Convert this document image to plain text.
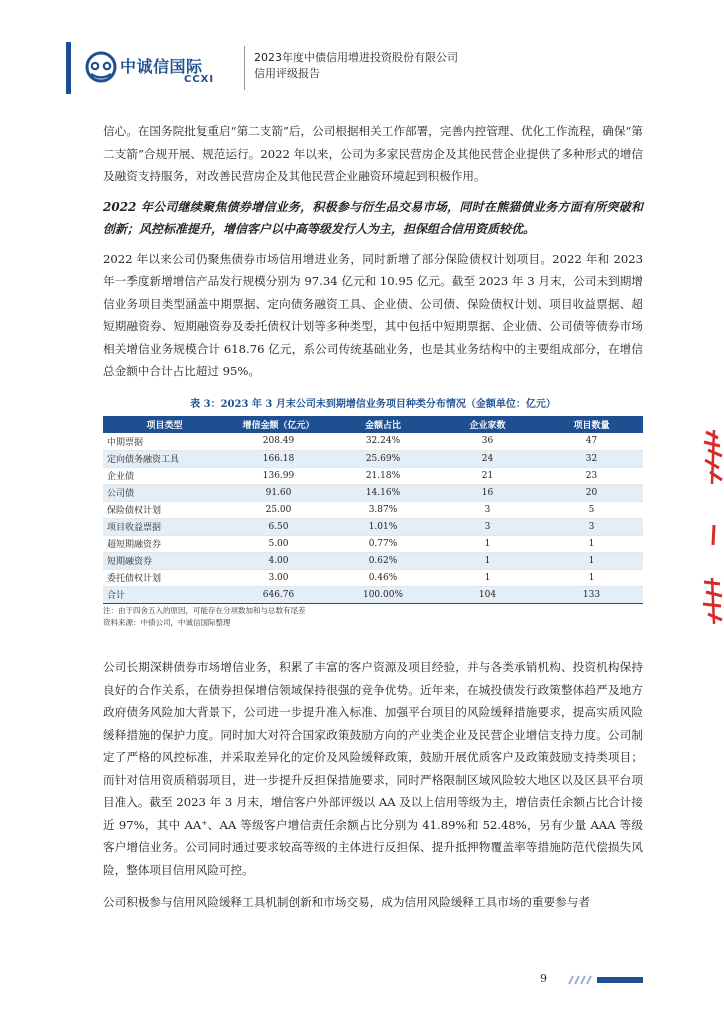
中诚信国际
CCXI
2023年度中债信用增进投资股份有限公司
信用评级报告

信心。在国务院批复重启“第二支箭”后，公司根据相关工作部署，完善内控管理、优化工作流程，确保“第二支箭”合规开展、规范运行。2022 年以来，公司为多家民营房企及其他民营企业提供了多种形式的增信及融资支持服务，对改善民营房企及其他民营企业融资环境起到积极作用。

2022 年公司继续聚焦债券增信业务，积极参与衍生品交易市场，同时在熊猫债业务方面有所突破和创新；风控标准提升，增信客户以中高等级发行人为主，担保组合信用资质较优。

2022 年以来公司仍聚焦债券市场信用增进业务，同时新增了部分保险债权计划项目。2022 年和 2023 年一季度新增增信产品发行规模分别为 97.34 亿元和 10.95 亿元。截至 2023 年 3 月末，公司未到期增信业务项目类型涵盖中期票据、定向债务融资工具、企业债、公司债、保险债权计划、项目收益票据、超短期融资券、短期融资券及委托债权计划等多种类型，其中包括中短期票据、企业债、公司债等债券市场相关增信业务规模合计 618.76 亿元，系公司传统基础业务，也是其业务结构中的主要组成部分，在增信总金额中合计占比超过 95%。

表 3：2023 年 3 月末公司未到期增信业务项目种类分布情况（金额单位：亿元）
项目类型	增信金额（亿元）	金额占比	企业家数	项目数量
中期票据	208.49	32.24%	36	47
定向债务融资工具	166.18	25.69%	24	32
企业债	136.99	21.18%	21	23
公司债	91.60	14.16%	16	20
保险债权计划	25.00	3.87%	3	5
项目收益票据	6.50	1.01%	3	3
超短期融资券	5.00	0.77%	1	1
短期融资券	4.00	0.62%	1	1
委托债权计划	3.00	0.46%	1	1
合计	646.76	100.00%	104	133
注：由于四舍五入的原因，可能存在分项数加和与总数有尾差
资料来源：中债公司，中诚信国际整理

公司长期深耕债券市场增信业务，积累了丰富的客户资源及项目经验，并与各类承销机构、投资机构保持良好的合作关系，在债券担保增信领域保持很强的竞争优势。近年来，在城投债发行政策整体趋严及地方政府债务风险加大背景下，公司进一步提升准入标准、加强平台项目的风险缓释措施要求，提高实质风险缓释措施的保护力度。同时加大对符合国家政策鼓励方向的产业类企业及民营企业增信支持力度。公司制定了严格的风控标准，并采取差异化的定价及风险缓释政策，鼓励开展优质客户及政策鼓励支持类项目；而针对信用资质稍弱项目，进一步提升反担保措施要求，同时严格限制区域风险较大地区以及区县平台项目准入。截至 2023 年 3 月末，增信客户外部评级以 AA 及以上信用等级为主，增信责任余额占比合计接近 97%，其中 AA⁺、AA 等级客户增信责任余额占比分别为 41.89%和 52.48%，另有少量 AAA 等级客户增信业务。公司同时通过要求较高等级的主体进行反担保、提升抵押物覆盖率等措施防范代偿损失风险，整体项目信用风险可控。

公司积极参与信用风险缓释工具机制创新和市场交易，成为信用风险缓释工具市场的重要参与者

9
